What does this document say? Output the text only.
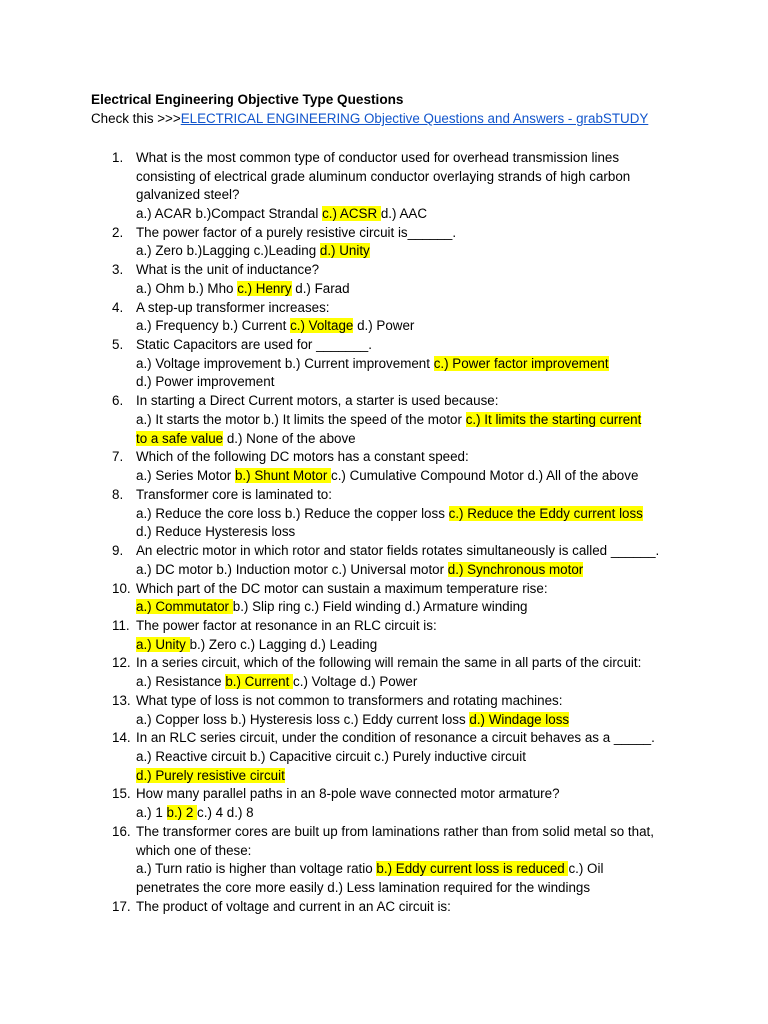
Electrical Engineering Objective Type Questions
Check this >>>ELECTRICAL ENGINEERING Objective Questions and Answers - grabSTUDY
1. What is the most common type of conductor used for overhead transmission lines
consisting of electrical grade aluminum conductor overlaying strands of high carbon
galvanized steel?
a.) ACAR b.)Compact Strandal c.) ACSR d.) AAC
2. The power factor of a purely resistive circuit is______.
a.) Zero b.)Lagging c.)Leading d.) Unity
3. What is the unit of inductance?
a.) Ohm b.) Mho c.) Henry d.) Farad
4. A step-up transformer increases:
a.) Frequency b.) Current c.) Voltage d.) Power
5. Static Capacitors are used for _______.
a.) Voltage improvement b.) Current improvement c.) Power factor improvement
d.) Power improvement
6. In starting a Direct Current motors, a starter is used because:
a.) It starts the motor b.) It limits the speed of the motor c.) It limits the starting current
to a safe value d.) None of the above
7. Which of the following DC motors has a constant speed:
a.) Series Motor b.) Shunt Motor c.) Cumulative Compound Motor d.) All of the above
8. Transformer core is laminated to:
a.) Reduce the core loss b.) Reduce the copper loss c.) Reduce the Eddy current loss
d.) Reduce Hysteresis loss
9. An electric motor in which rotor and stator fields rotates simultaneously is called ______.
a.) DC motor b.) Induction motor c.) Universal motor d.) Synchronous motor
10. Which part of the DC motor can sustain a maximum temperature rise:
a.) Commutator b.) Slip ring c.) Field winding d.) Armature winding
11. The power factor at resonance in an RLC circuit is:
a.) Unity b.) Zero c.) Lagging d.) Leading
12. In a series circuit, which of the following will remain the same in all parts of the circuit:
a.) Resistance b.) Current c.) Voltage d.) Power
13. What type of loss is not common to transformers and rotating machines:
a.) Copper loss b.) Hysteresis loss c.) Eddy current loss d.) Windage loss
14. In an RLC series circuit, under the condition of resonance a circuit behaves as a _____.
a.) Reactive circuit b.) Capacitive circuit c.) Purely inductive circuit
d.) Purely resistive circuit
15. How many parallel paths in an 8-pole wave connected motor armature?
a.) 1 b.) 2 c.) 4 d.) 8
16. The transformer cores are built up from laminations rather than from solid metal so that,
which one of these:
a.) Turn ratio is higher than voltage ratio b.) Eddy current loss is reduced c.) Oil
penetrates the core more easily d.) Less lamination required for the windings
17. The product of voltage and current in an AC circuit is:
